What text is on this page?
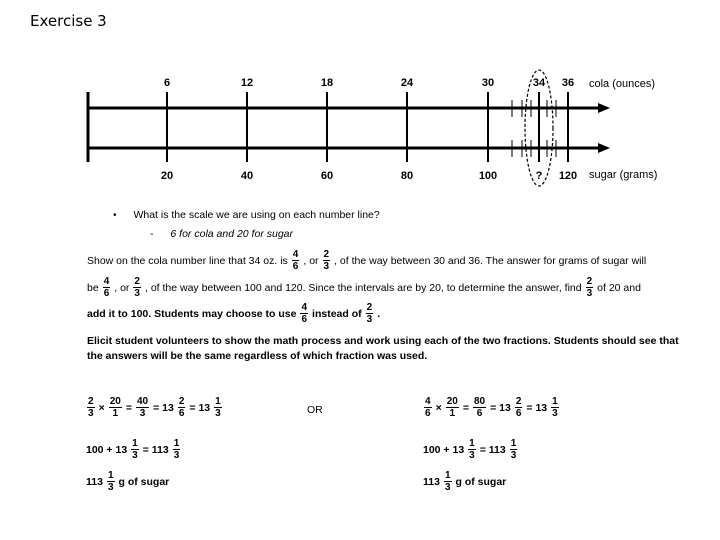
Exercise 3
6
20
12
40
18
60
24
80
30
100
34
?
36
120
cola (ounces)
sugar (grams)
• What is the scale we are using on each number line?
- 6 for cola and 20 for sugar
Show on the cola number line that 34 oz. is $\frac{4}{6}$ , or $\frac{2}{3}$ , of the way between 30 and 36. The answer for grams of sugar will
be $\frac{4}{6}$ , or $\frac{2}{3}$ , of the way between 100 and 120. Since the intervals are by 20, to determine the answer, find $\frac{2}{3}$ of 20 and
add it to 100. Students may choose to use $\frac{4}{6}$ instead of $\frac{2}{3}$ .
Elicit student volunteers to show the math process and work using each of the two fractions. Students should see that
the answers will be the same regardless of which fraction was used.
OR
$\frac{2}{3} \times \frac{20}{1} = \frac{40}{3} = 13 \frac{2}{6} = 13 \frac{1}{3}$
$100 + 13 \frac{1}{3} = 113 \frac{1}{3}$
$113 \frac{1}{3}$ g of sugar
$\frac{4}{6} \times \frac{20}{1} = \frac{80}{6} = 13 \frac{2}{6} = 13 \frac{1}{3}$
$100 + 13 \frac{1}{3} = 113 \frac{1}{3}$
$113 \frac{1}{3}$ g of sugar
